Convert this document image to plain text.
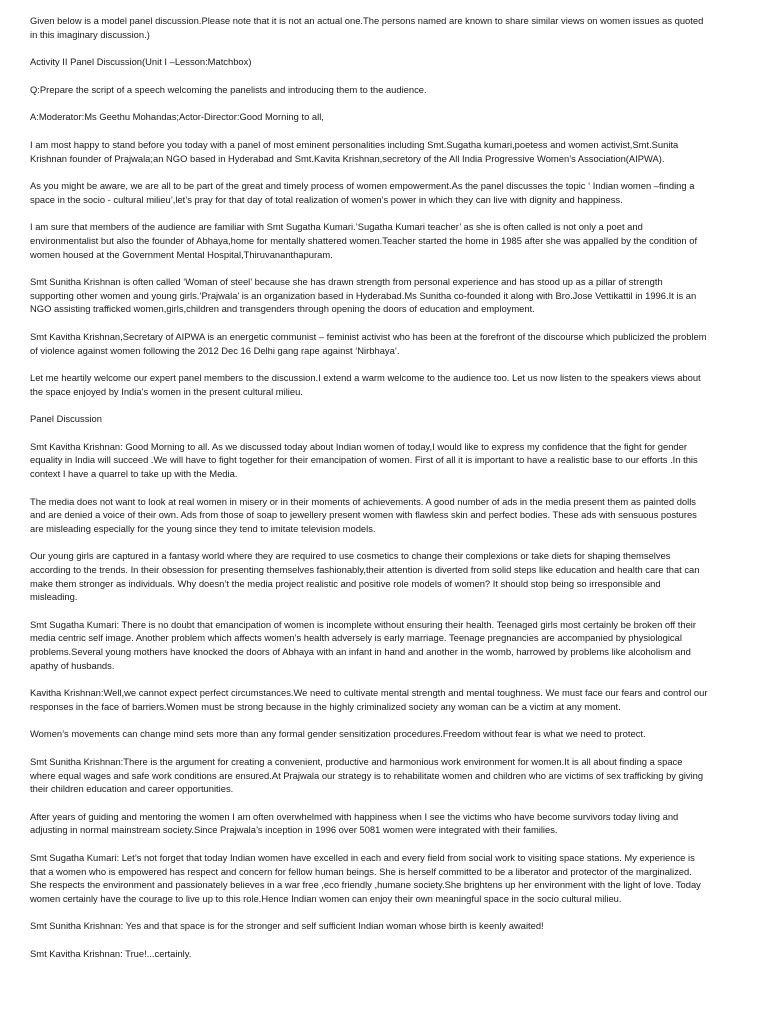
Given below is a model panel discussion.Please note that it is not an actual one.The persons named are known to share similar views on women issues as quoted in this imaginary discussion.)

Activity II Panel Discussion(Unit I –Lesson:Matchbox)

Q:Prepare the script of a speech welcoming the panelists and introducing them to the audience.

A:Moderator:Ms Geethu Mohandas;Actor-Director:Good Morning to all,

I am most happy to stand before you today with a panel of most eminent personalities including Smt.Sugatha kumari,poetess and women activist,Smt.Sunita Krishnan founder of Prajwala;an NGO based in Hyderabad and Smt.Kavita Krishnan,secretory of the All India Progressive Women’s Association(AIPWA).

As you might be aware, we are all to be part of the great and timely process of women empowerment.As the panel discusses the topic ‘ Indian women –finding a space in the socio - cultural milieu’,let’s pray for that day of total realization of women’s power in which they can live with dignity and happiness.

I am sure that members of the audience are familiar with Smt Sugatha Kumari.’Sugatha Kumari teacher’ as she is often called is not only a poet and environmentalist but also the founder of Abhaya,home for mentally shattered women.Teacher started the home in 1985 after she was appalled by the condition of women housed at the Government Mental Hospital,Thiruvananthapuram.

Smt Sunitha Krishnan is often called ‘Woman of steel’ because she has drawn strength from personal experience and has stood up as a pillar of strength supporting other women and young girls.’Prajwala’ is an organization based in Hyderabad.Ms Sunitha co-founded it along with Bro.Jose Vettikattil in 1996.It is an NGO assisting trafficked women,girls,children and transgenders through opening the doors of education and employment.

Smt Kavitha Krishnan,Secretary of AIPWA is an energetic communist – feminist activist who has been at the forefront of the discourse which publicized the problem of violence against women following the 2012 Dec 16 Delhi gang rape against ‘Nirbhaya’.

Let me heartily welcome our expert panel members to the discussion.I extend a warm welcome to the audience too. Let us now listen to the speakers views about the space enjoyed by India’s women in the present cultural milieu.

Panel Discussion

Smt Kavitha Krishnan: Good Morning to all. As we discussed today about Indian women of today,I would like to express my confidence that the fight for gender equality in India will succeed .We will have to fight together for their emancipation of women. First of all it is important to have a realistic base to our efforts .In this context I have a quarrel to take up with the Media.

The media does not want to look at real women in misery or in their moments of achievements. A good number of ads in the media present them as painted dolls and are denied a voice of their own. Ads from those of soap to jewellery present women with flawless skin and perfect bodies. These ads with sensuous postures are misleading especially for the young since they tend to imitate television models.

Our young girls are captured in a fantasy world where they are required to use cosmetics to change their complexions or take diets for shaping themselves according to the trends. In their obsession for presenting themselves fashionably,their attention is diverted from solid steps like education and health care that can make them stronger as individuals. Why doesn’t the media project realistic and positive role models of women? It should stop being so irresponsible and misleading.

Smt Sugatha Kumari: There is no doubt that emancipation of women is incomplete without ensuring their health. Teenaged girls most certainly be broken off their media centric self image. Another problem which affects women’s health adversely is early marriage. Teenage pregnancies are accompanied by physiological problems.Several young mothers have knocked the doors of Abhaya with an infant in hand and another in the womb, harrowed by problems like alcoholism and apathy of husbands.

Kavitha Krishnan:Well,we cannot expect perfect circumstances.We need to cultivate mental strength and mental toughness. We must face our fears and control our responses in the face of barriers.Women must be strong because in the highly criminalized society any woman can be a victim at any moment.

Women’s movements can change mind sets more than any formal gender sensitization procedures.Freedom without fear is what we need to protect.

Smt Sunitha Krishnan:There is the argument for creating a convenient, productive and harmonious work environment for women.It is all about finding a space where equal wages and safe work conditions are ensured.At Prajwala our strategy is to rehabilitate women and children who are victims of sex trafficking by giving their children education and career opportunities.

After years of guiding and mentoring the women I am often overwhelmed with happiness when I see the victims who have become survivors today living and adjusting in normal mainstream society.Since Prajwala’s inception in 1996 over 5081 women were integrated with their families.

Smt Sugatha Kumari: Let’s not forget that today Indian women have excelled in each and every field from social work to visiting space stations. My experience is that a women who is empowered has respect and concern for fellow human beings. She is herself committed to be a liberator and protector of the marginalized. She respects the environment and passionately believes in a war free ,eco friendly ,humane society.She brightens up her environment with the light of love. Today women certainly have the courage to live up to this role.Hence Indian women can enjoy their own meaningful space in the socio cultural milieu.

Smt Sunitha Krishnan: Yes and that space is for the stronger and self sufficient Indian woman whose birth is keenly awaited!

Smt Kavitha Krishnan: True!...certainly.
